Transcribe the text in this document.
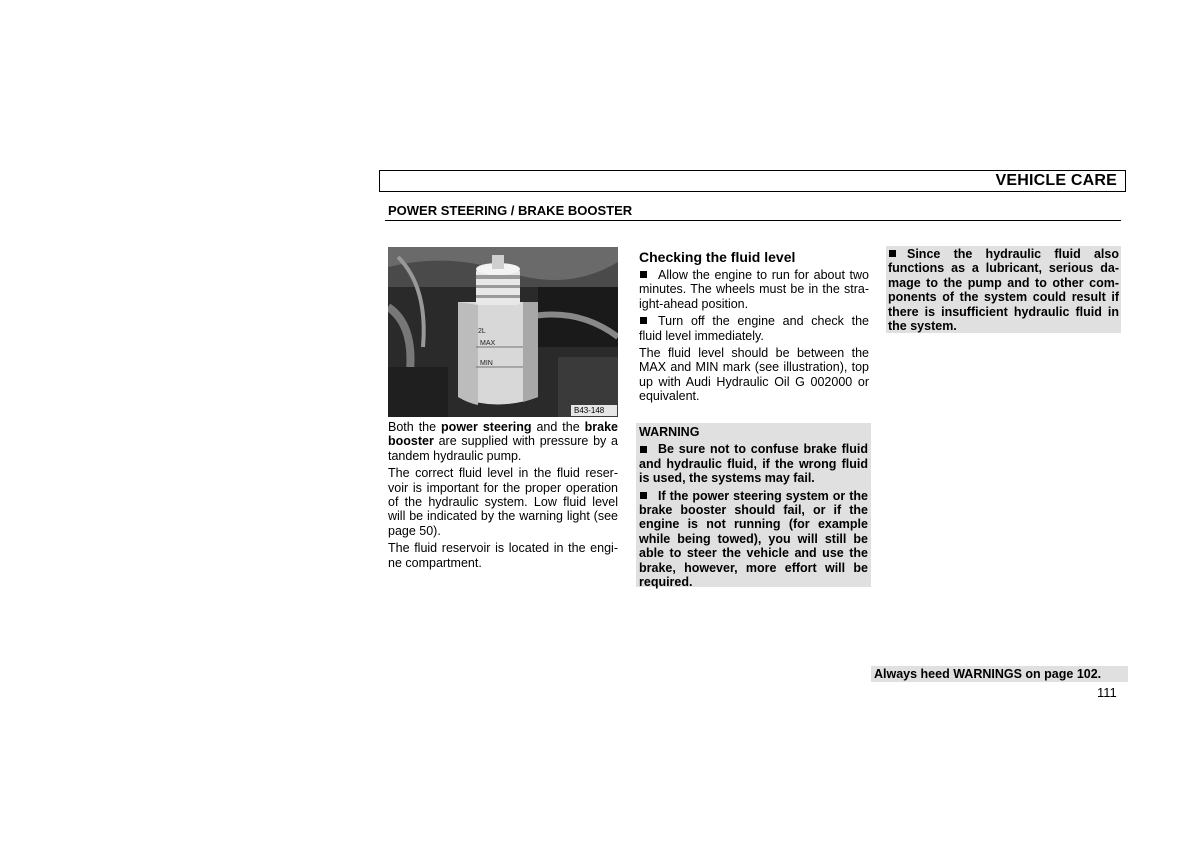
VEHICLE CARE
POWER STEERING / BRAKE BOOSTER
2L
MAX
MIN
B43-148

Both the power steering and the brake booster are supplied with pressure by a tandem hydraulic pump.

The correct fluid level in the fluid reservoir is important for the proper operation of the hydraulic system. Low fluid level will be indicated by the warning light (see page 50).

The fluid reservoir is located in the engine compartment.

Checking the fluid level

Allow the engine to run for about two minutes. The wheels must be in the straight-ahead position.

Turn off the engine and check the fluid level immediately.

The fluid level should be between the MAX and MIN mark (see illustration), top up with Audi Hydraulic Oil G 002000 or equivalent.

WARNING

Be sure not to confuse brake fluid and hydraulic fluid, if the wrong fluid is used, the systems may fail.

If the power steering system or the brake booster should fail, or if the engine is not running (for example while being towed), you will still be able to steer the vehicle and use the brake, however, more effort will be required.

Since the hydraulic fluid also functions as a lubricant, serious damage to the pump and to other components of the system could result if there is insufficient hydraulic fluid in the system.

Always heed WARNINGS on page 102.
111
